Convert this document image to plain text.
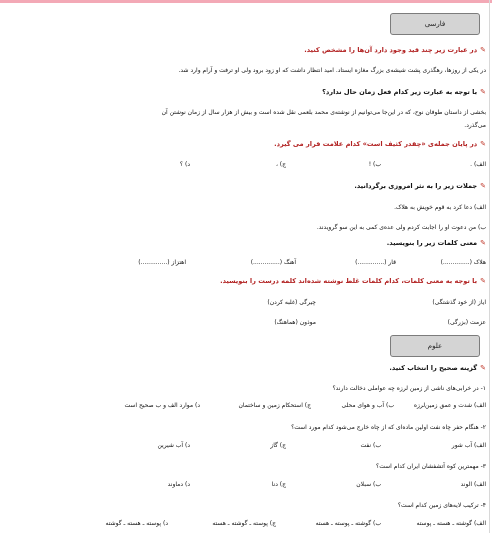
فارسی
✎در عبارت زیر چند قید وجود دارد آن‌ها را مشخص کنید.
در یکی از روزها، رهگذری پشت شیشه‌ی بزرگ مغازه ایستاد. امید انتظار داشت که او زود برود ولی او ترفت و آرام وارد شد.
✎با توجه به عبارت زیر کدام فعل زمان حال ندارد؟
بخشی از داستان طوفان نوح، که در این‌جا می‌توانیم از نوشته‌ی محمد بلعمی نقل شده است و بیش از هزار سال از زمان نوشتن آن
می‌گذرد.
✎در پایان جمله‌ی «چقدر کثیف است» کدام علامت قرار می گیرد.
الف) .
ب) !
ج) ،
د) ؟
✎جملات زیر را به نثر امروزی برگردانید.
الف) دعا کرد به قوم خویش به هلاک.
ب) من دعوت او را اجابت کردم ولی عده‌ی کمی به این سو گرویدند.
✎معنی کلمات زیر را بنویسید.
هلاک (..............)
قار (..............)
آهنگ (..............)
اهتزاز (..............)
✎با توجه به معنی کلمات، کدام کلمات غلط نوشته شده‌اند کلمه درست را بنویسید.
ایاز (از خود گذشتگی)
چیرگی (غلبه کردن)
عزمت (بزرگی)
موذون (هماهنگ)
علوم
✎گزینه صحیح را انتخاب کنید.
۱- در خرابی‌های ناشی از زمین لرزه چه عواملی دخالت دارند؟
الف) شدت و عمق زمین‌لرزه
ب) آب و هوای محلی
ج) استحکام زمین و ساختمان
د) موارد الف و ب صحیح است
۲- هنگام حفر چاه نفت اولین ماده‌ای که از چاه خارج می‌شود کدام مورد است؟
الف) آب شور
ب) نفت
ج) گاز
د) آب شیرین
۳- مهمترین کوه آتشفشان ایران کدام است؟
الف) الوند
ب) سبلان
ج) دنا
د) دماوند
۴- ترکیب لایه‌های زمین کدام است؟
الف) گوشته ـ هسته ـ پوسته
ب) گوشته ـ پوسته ـ هسته
ج) پوسته ـ گوشته ـ هسته
د) پوسته ـ هسته ـ گوشته
